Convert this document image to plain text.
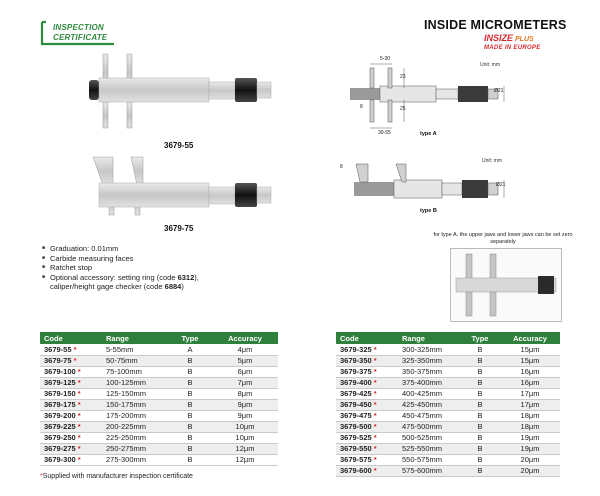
INSPECTION
CERTIFICATE
INSIDE MICROMETERS
INSIZE PLUS
MADE IN EUROPE
3679-55
3679-75
Unit: mm
5-30
23
25
30-55
Ø21
8
type A
Unit: mm
8
Ø21
type B
■ Graduation: 0.01mm
■ Carbide measuring faces
■ Ratchet stop
■ Optional accessory: setting ring (code 6312),
caliper/height gage checker (code 6884)
for type A, the upper jaws and lower jaws can be set zero separately
Code	Range	Type	Accuracy
3679-55 *	5-55mm	A	4μm
3679-75 *	50-75mm	B	5μm
3679-100 *	75-100mm	B	6μm
3679-125 *	100-125mm	B	7μm
3679-150 *	125-150mm	B	8μm
3679-175 *	150-175mm	B	9μm
3679-200 *	175-200mm	B	9μm
3679-225 *	200-225mm	B	10μm
3679-250 *	225-250mm	B	10μm
3679-275 *	250-275mm	B	12μm
3679-300 *	275-300mm	B	12μm
Code	Range	Type	Accuracy
3679-325 *	300-325mm	B	15μm
3679-350 *	325-350mm	B	15μm
3679-375 *	350-375mm	B	16μm
3679-400 *	375-400mm	B	16μm
3679-425 *	400-425mm	B	17μm
3679-450 *	425-450mm	B	17μm
3679-475 *	450-475mm	B	18μm
3679-500 *	475-500mm	B	18μm
3679-525 *	500-525mm	B	19μm
3679-550 *	525-550mm	B	19μm
3679-575 *	550-575mm	B	20μm
3679-600 *	575-600mm	B	20μm
*Supplied with manufacturer inspection certificate
